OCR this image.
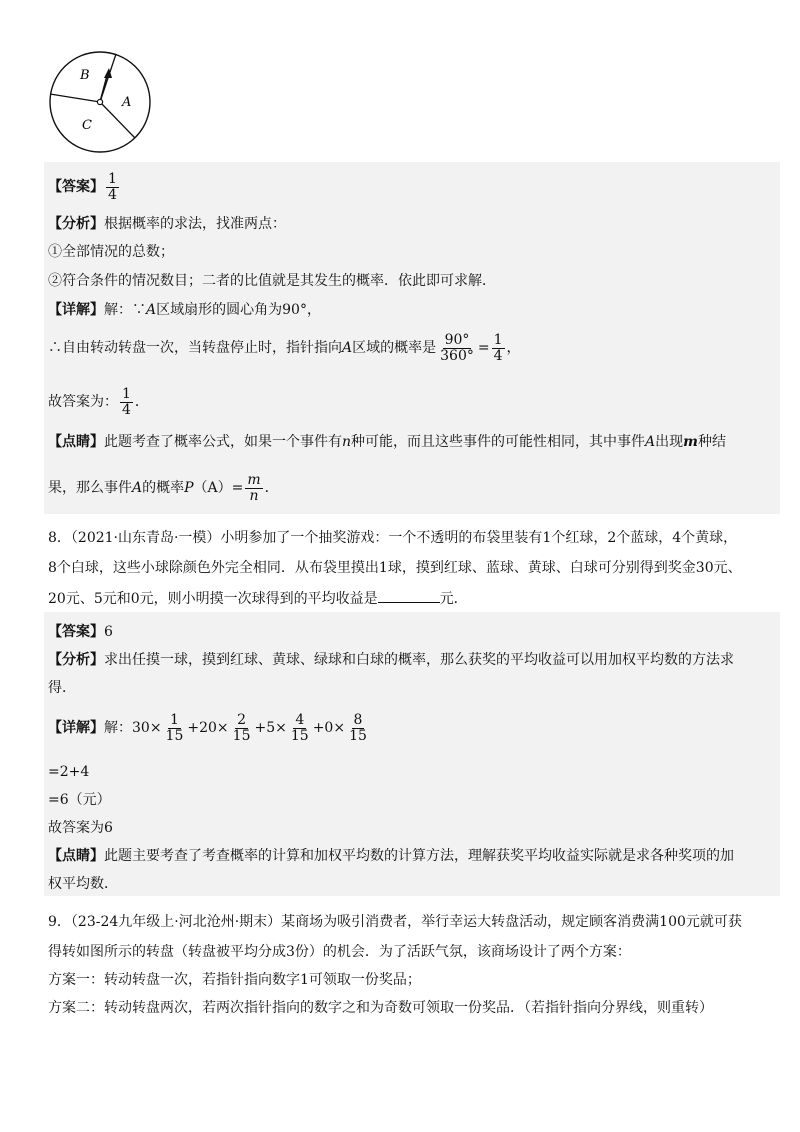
B
A
C
【答案】 $\frac{1}{4}$
【分析】根据概率的求法，找准两点：
①全部情况的总数；
②符合条件的情况数目；二者的比值就是其发生的概率．依此即可求解．
【详解】解：∵A区域扇形的圆心角为90°，
∴自由转动转盘一次，当转盘停止时，指针指向A区域的概率是 $\frac{90^\circ}{360^\circ} = \frac{1}{4}$ ，
故答案为： $\frac{1}{4}$ ．
【点睛】此题考查了概率公式，如果一个事件有n种可能，而且这些事件的可能性相同，其中事件A出现m种结
果，那么事件A的概率$P(A)= \frac{m}{n}$ ．
8．（2021·山东青岛·一模）小明参加了一个抽奖游戏：一个不透明的布袋里装有1个红球，2个蓝球，4个黄球，
8个白球，这些小球除颜色外完全相同．从布袋里摸出1球，摸到红球、蓝球、黄球、白球可分别得到奖金30元、
20元、5元和0元，则小明摸一次球得到的平均收益是	元．
【答案】6
【分析】求出任摸一球，摸到红球、黄球、绿球和白球的概率，那么获奖的平均收益可以用加权平均数的方法求
得．
【详解】解：$30\times \frac{1}{15} +20\times \frac{2}{15} +5\times \frac{4}{15} +0\times \frac{8}{15}$
=2+4
=6（元）
故答案为6
【点睛】此题主要考查了考查概率的计算和加权平均数的计算方法，理解获奖平均收益实际就是求各种奖项的加
权平均数．
9．（23-24九年级上·河北沧州·期末）某商场为吸引消费者，举行幸运大转盘活动，规定顾客消费满100元就可获
得转如图所示的转盘（转盘被平均分成3份）的机会．为了活跃气氛，该商场设计了两个方案：
方案一：转动转盘一次，若指针指向数字1可领取一份奖品；
方案二：转动转盘两次，若两次指针指向的数字之和为奇数可领取一份奖品．（若指针指向分界线，则重转）
